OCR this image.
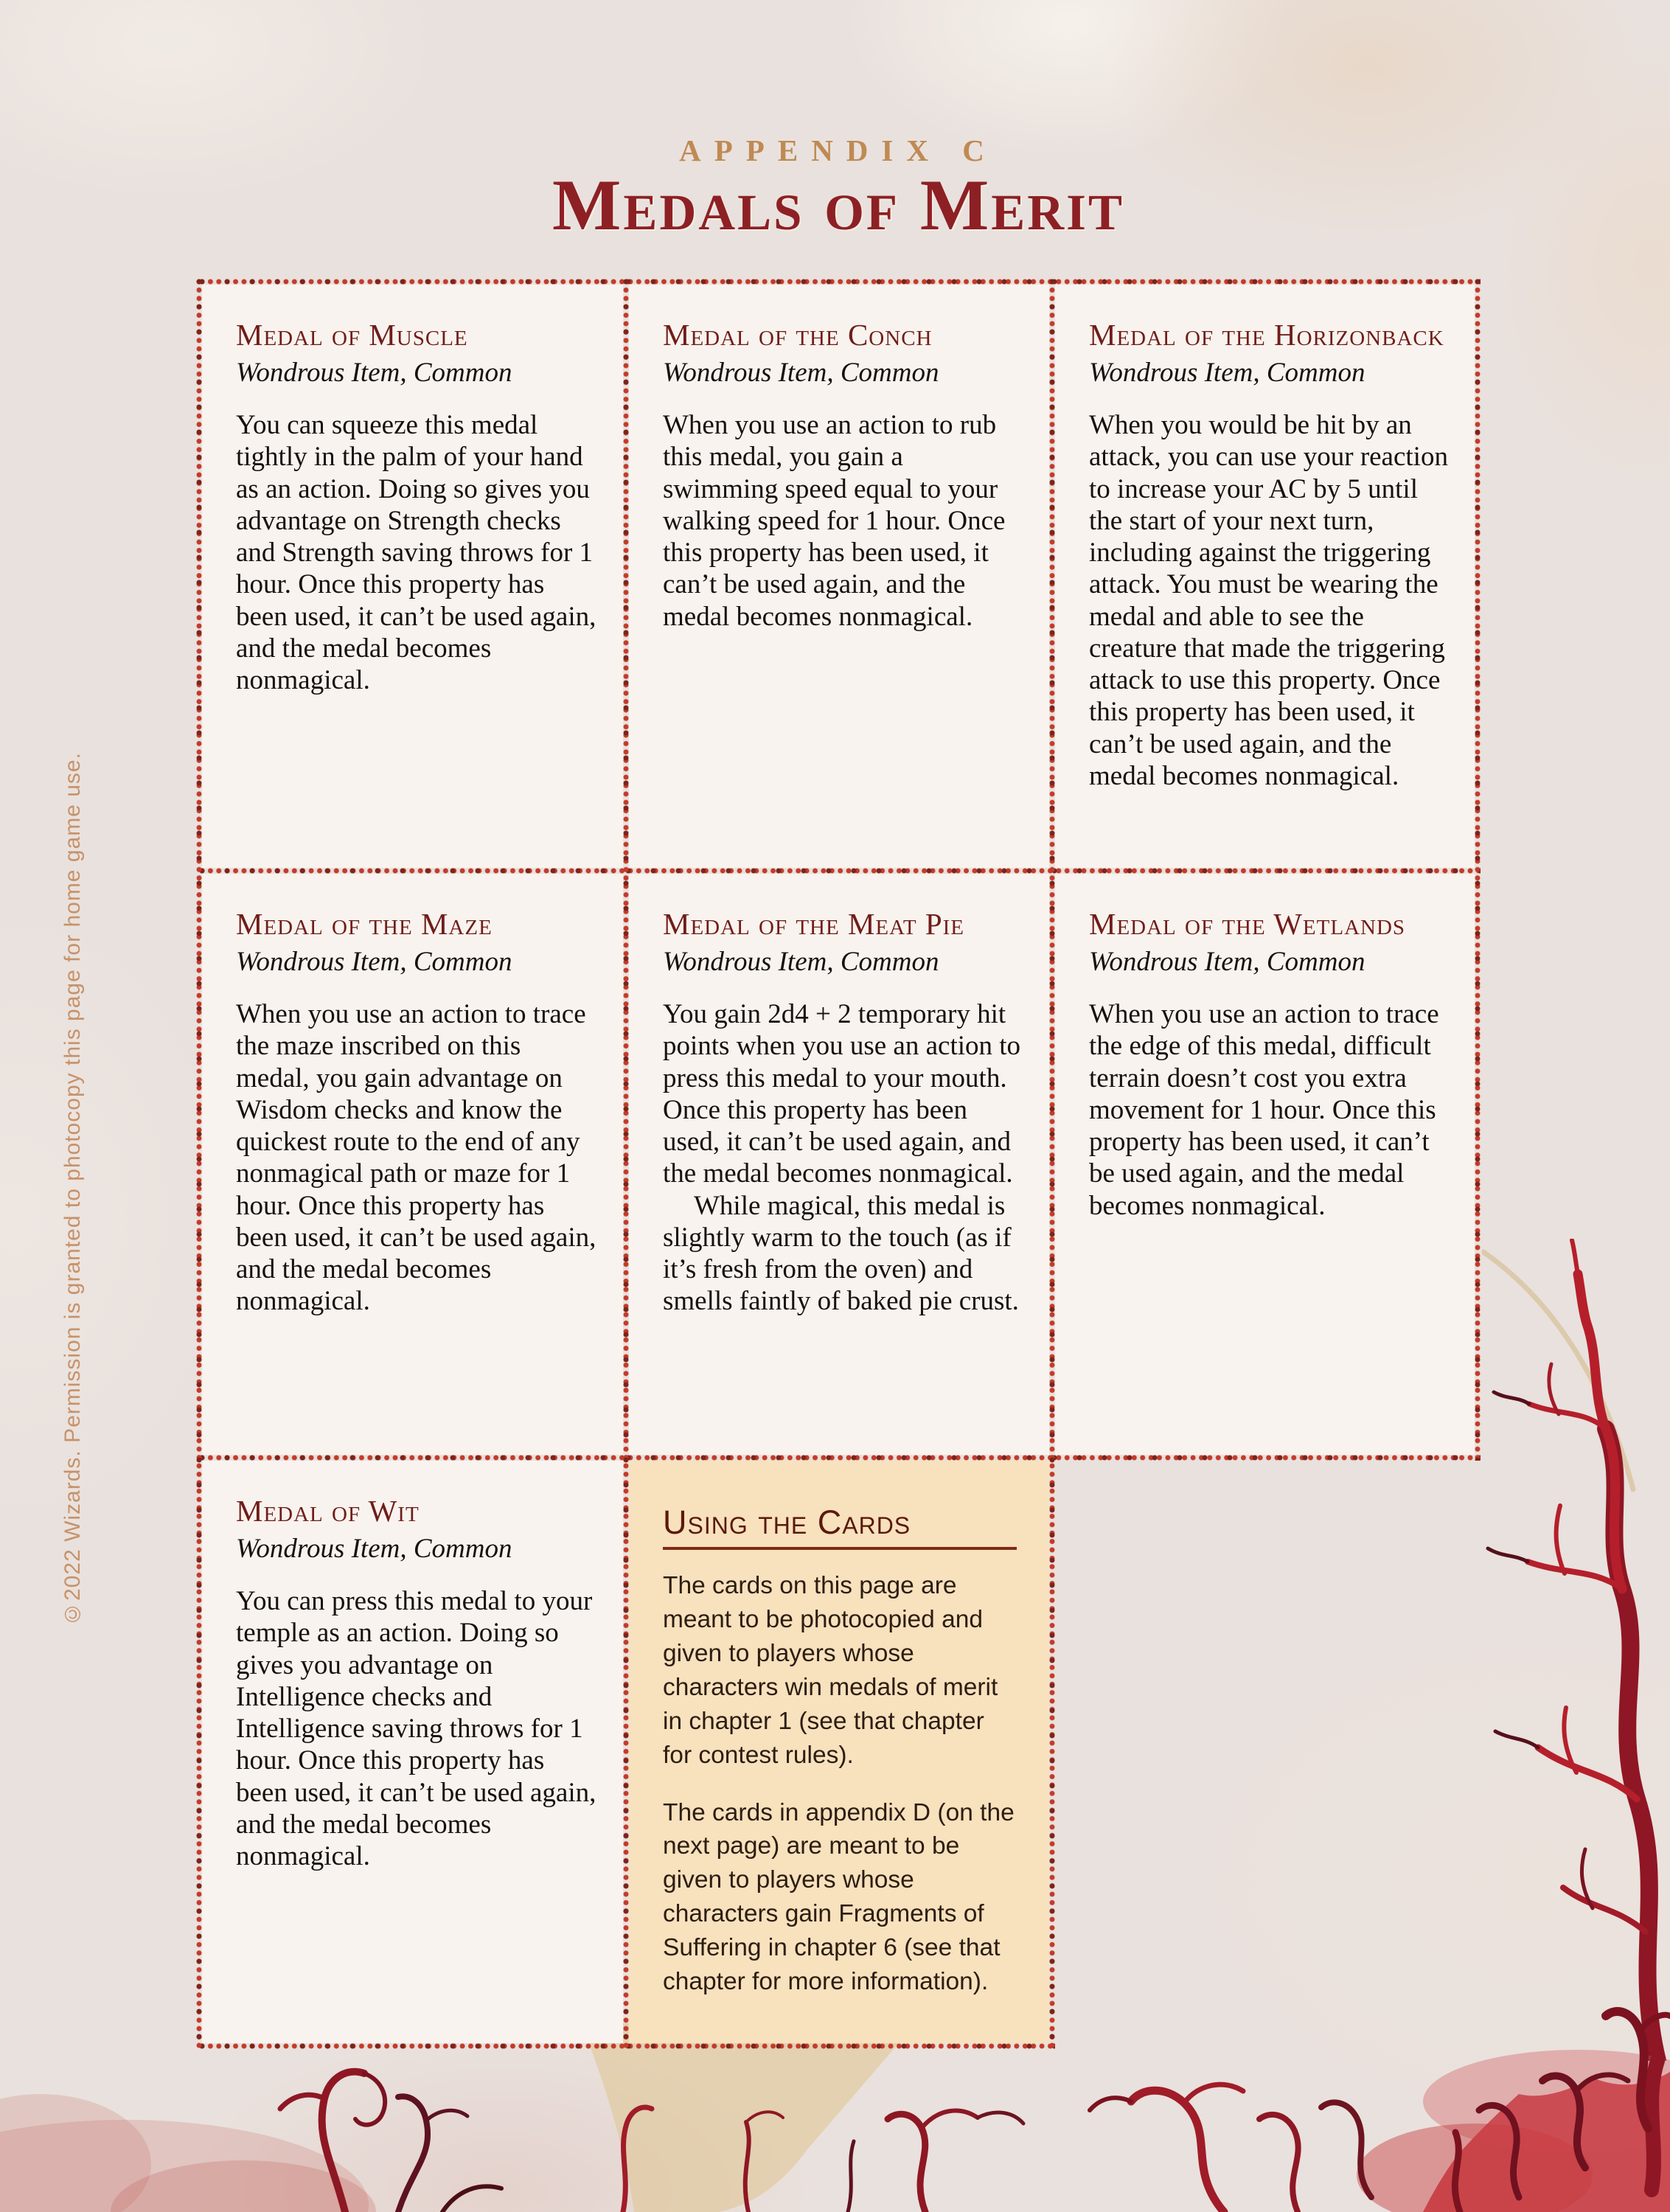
APPENDIX C
Medals of Merit
©2022 Wizards. Permission is granted to photocopy this page for home game use.
Medal of Muscle
Wondrous Item, Common

You can squeeze this medal tightly in the palm of your hand as an action. Doing so gives you advantage on Strength checks and Strength saving throws for 1 hour. Once this property has been used, it can’t be used again, and the medal becomes nonmagical.

Medal of the Conch
Wondrous Item, Common

When you use an action to rub this medal, you gain a swimming speed equal to your walking speed for 1 hour. Once this property has been used, it can’t be used again, and the medal becomes nonmagical.

Medal of the Horizonback
Wondrous Item, Common

When you would be hit by an attack, you can use your reaction to increase your AC by 5 until the start of your next turn, including against the triggering attack. You must be wearing the medal and able to see the creature that made the triggering attack to use this property. Once this property has been used, it can’t be used again, and the medal becomes nonmagical.

Medal of the Maze
Wondrous Item, Common

When you use an action to trace the maze inscribed on this medal, you gain advantage on Wisdom checks and know the quickest route to the end of any nonmagical path or maze for 1 hour. Once this property has been used, it can’t be used again, and the medal becomes nonmagical.

Medal of the Meat Pie
Wondrous Item, Common

You gain 2d4 + 2 temporary hit points when you use an action to press this medal to your mouth. Once this property has been used, it can’t be used again, and the medal becomes nonmagical.

While magical, this medal is slightly warm to the touch (as if it’s fresh from the oven) and smells faintly of baked pie crust.

Medal of the Wetlands
Wondrous Item, Common

When you use an action to trace the edge of this medal, difficult terrain doesn’t cost you extra movement for 1 hour. Once this property has been used, it can’t be used again, and the medal becomes nonmagical.

Medal of Wit
Wondrous Item, Common

You can press this medal to your temple as an action. Doing so gives you advantage on Intelligence checks and Intelligence saving throws for 1 hour. Once this property has been used, it can’t be used again, and the medal becomes nonmagical.

Using the Cards

The cards on this page are meant to be photocopied and given to players whose characters win medals of merit in chapter 1 (see that chapter for contest rules).

The cards in appendix D (on the next page) are meant to be given to players whose characters gain Fragments of Suffering in chapter 6 (see that chapter for more information).
